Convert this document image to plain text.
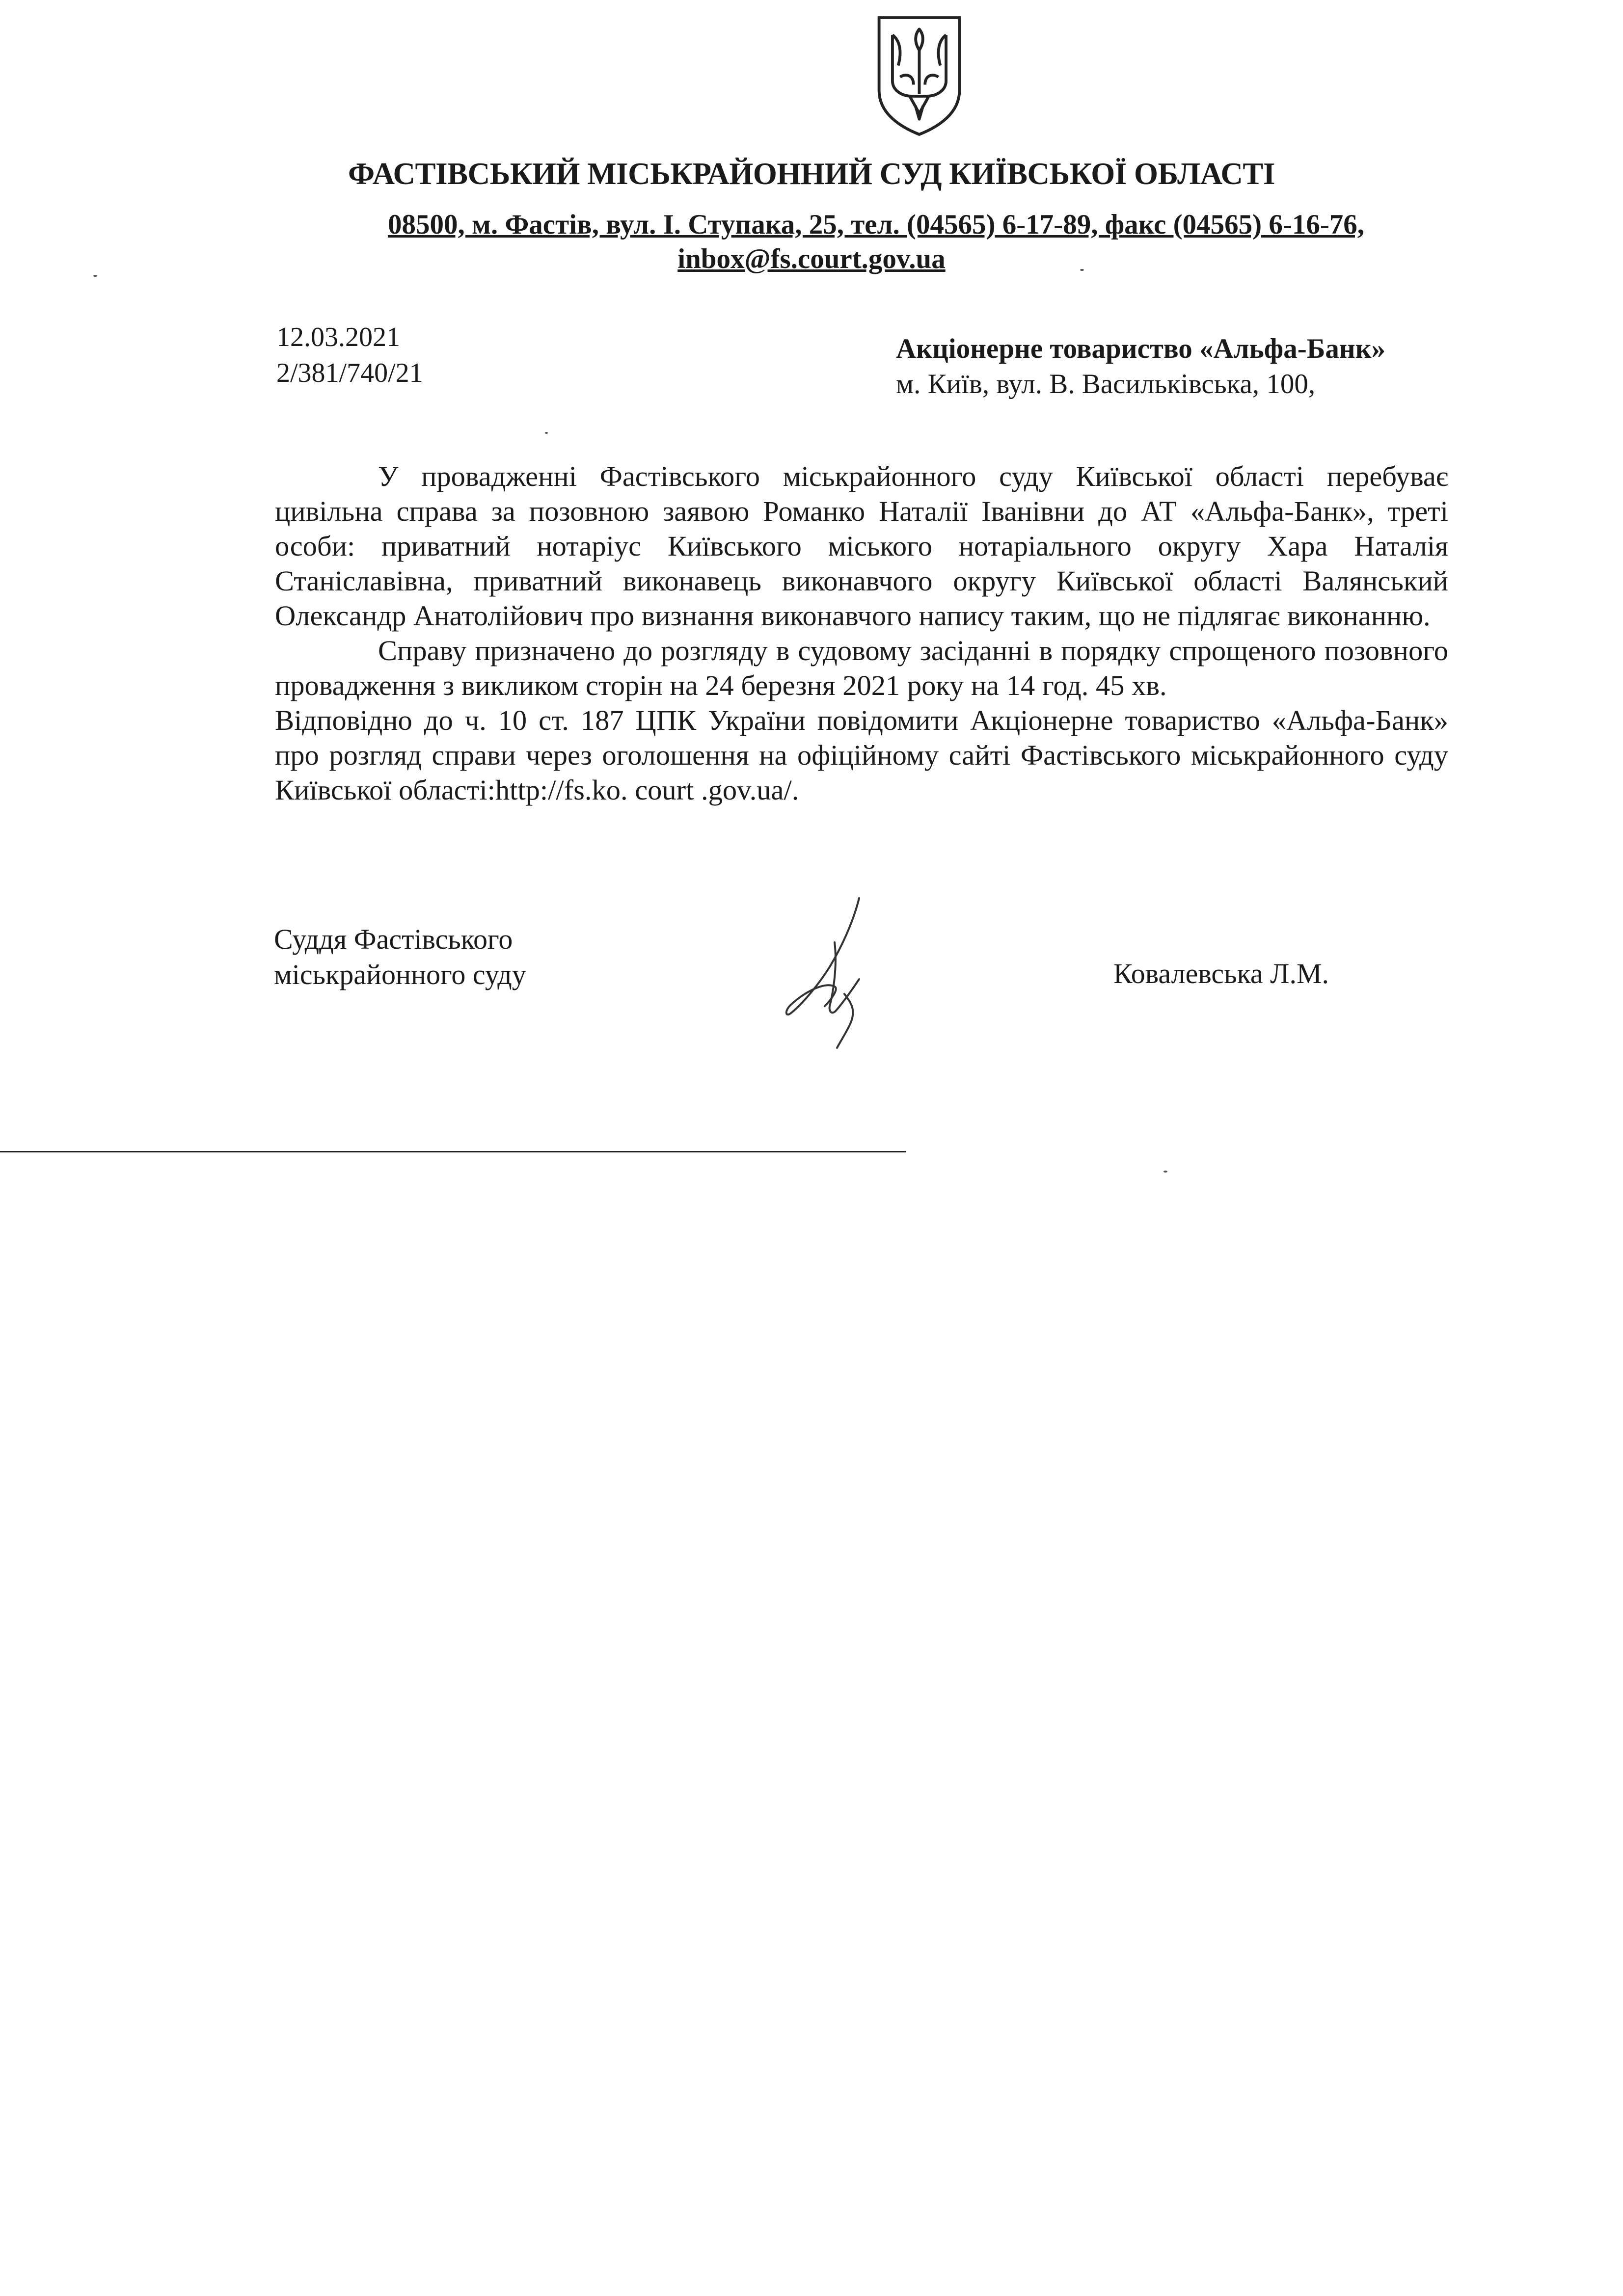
ФАСТІВСЬКИЙ МІСЬКРАЙОННИЙ СУД КИЇВСЬКОЇ ОБЛАСТІ
08500, м. Фастів, вул. І. Ступака, 25, тел. (04565) 6-17-89, факс (04565) 6-16-76,
inbox@fs.court.gov.ua
12.03.2021
2/381/740/21
Акціонерне товариство «Альфа-Банк»
м. Київ, вул. В. Васильківська, 100,

У провадженні Фастівського міськрайонного суду Київської області перебуває цивільна справа за позовною заявою Романко Наталії Іванівни до АТ «Альфа-Банк», треті особи: приватний нотаріус Київського міського нотаріального округу Хара Наталія Станіславівна, приватний виконавець виконавчого округу Київської області Валянський Олександр Анатолійович про визнання виконавчого напису таким, що не підлягає виконанню.

Справу призначено до розгляду в судовому засіданні в порядку спрощеного позовного провадження з викликом сторін на 24 березня 2021 року на 14 год. 45 хв.

Відповідно до ч. 10 ст. 187 ЦПК України повідомити Акціонерне товариство «Альфа-Банк» про розгляд справи через оголошення на офіційному сайті Фастівського міськрайонного суду Київської області:http://fs.ko. court .gov.ua/.

Суддя Фастівського
міськрайонного суду	Ковалевська Л.М.
